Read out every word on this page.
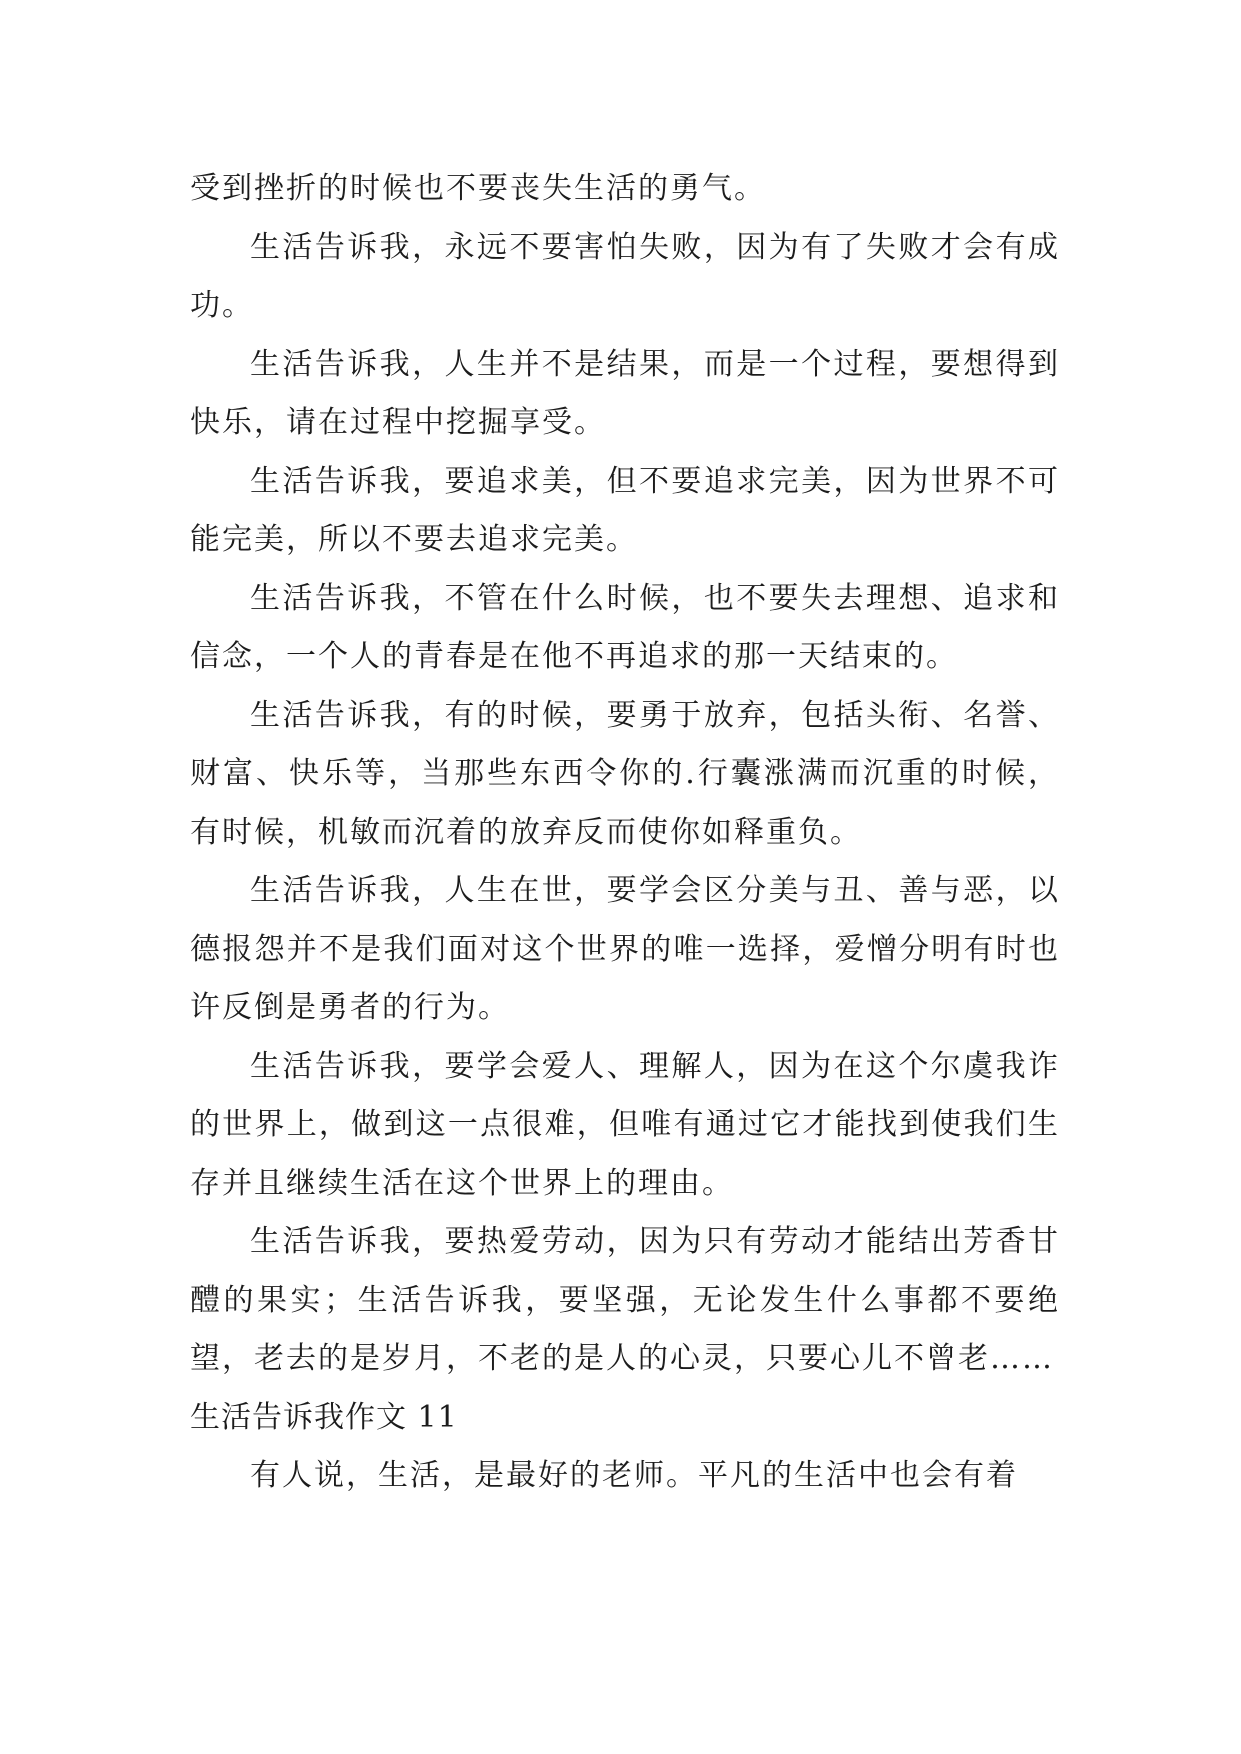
受到挫折的时候也不要丧失生活的勇气。

生活告诉我，永远不要害怕失败，因为有了失败才会有成功。

生活告诉我，人生并不是结果，而是一个过程，要想得到快乐，请在过程中挖掘享受。

生活告诉我，要追求美，但不要追求完美，因为世界不可能完美，所以不要去追求完美。

生活告诉我，不管在什么时候，也不要失去理想、追求和信念，一个人的青春是在他不再追求的那一天结束的。

生活告诉我，有的时候，要勇于放弃，包括头衔、名誉、财富、快乐等，当那些东西令你的.行囊涨满而沉重的时候，有时候，机敏而沉着的放弃反而使你如释重负。

生活告诉我，人生在世，要学会区分美与丑、善与恶，以德报怨并不是我们面对这个世界的唯一选择，爱憎分明有时也许反倒是勇者的行为。

生活告诉我，要学会爱人、理解人，因为在这个尔虞我诈的世界上，做到这一点很难，但唯有通过它才能找到使我们生存并且继续生活在这个世界上的理由。

生活告诉我，要热爱劳动，因为只有劳动才能结出芳香甘醴的果实；生活告诉我，要坚强，无论发生什么事都不要绝望，老去的是岁月，不老的是人的心灵，只要心儿不曾老……

生活告诉我作文 11

有人说，生活，是最好的老师。平凡的生活中也会有着
